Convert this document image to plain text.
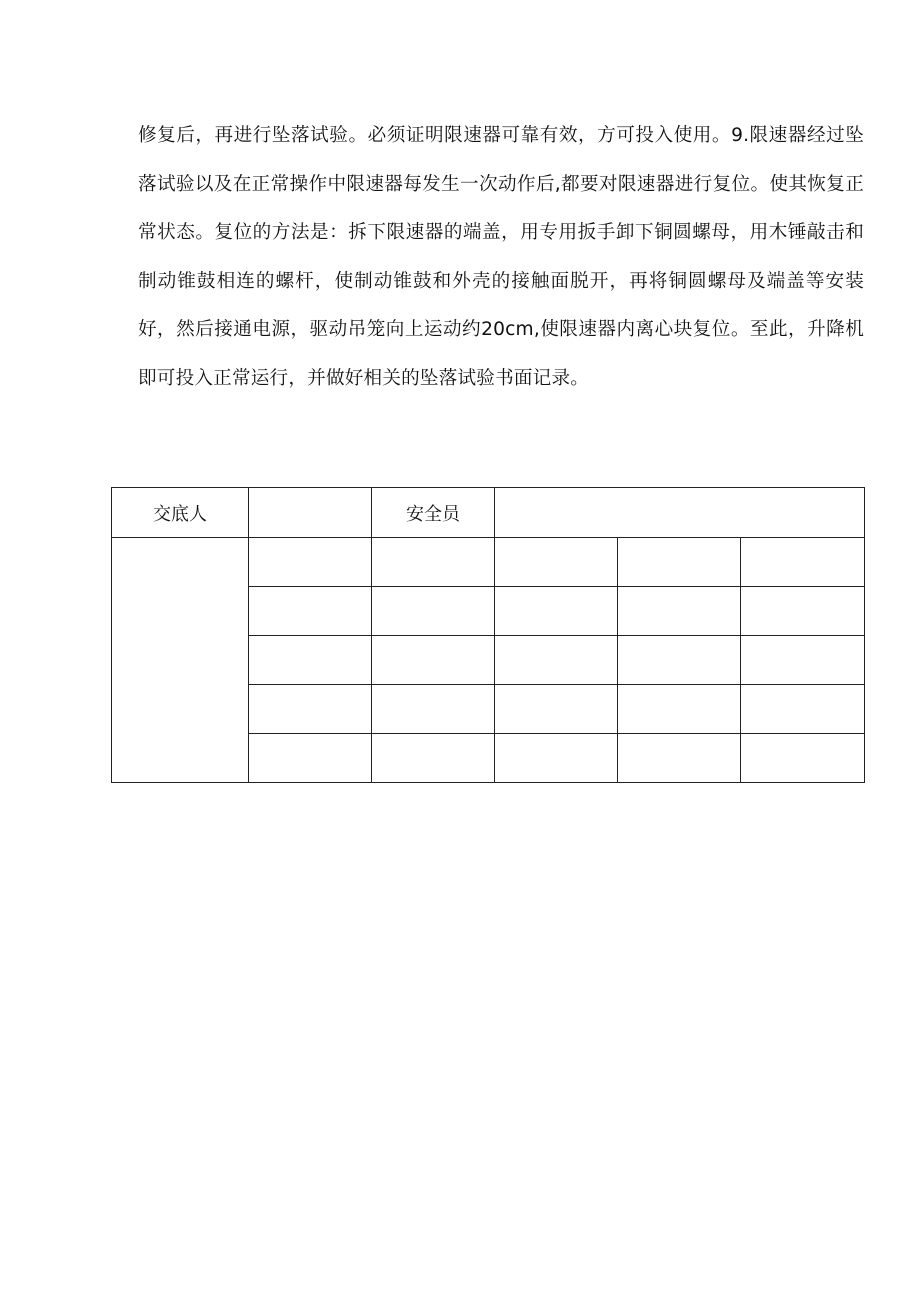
修复后，再进行坠落试验。必须证明限速器可靠有效，方可投入使用。9.限速器经过坠落试验以及在正常操作中限速器每发生一次动作后,都要对限速器进行复位。使其恢复正常状态。复位的方法是：拆下限速器的端盖，用专用扳手卸下铜圆螺母，用木锤敲击和制动锥鼓相连的螺杆，使制动锥鼓和外壳的接触面脱开，再将铜圆螺母及端盖等安装好，然后接通电源，驱动吊笼向上运动约20cm,使限速器内离心块复位。至此，升降机即可投入正常运行，并做好相关的坠落试验书面记录。

交底人		安全员			
